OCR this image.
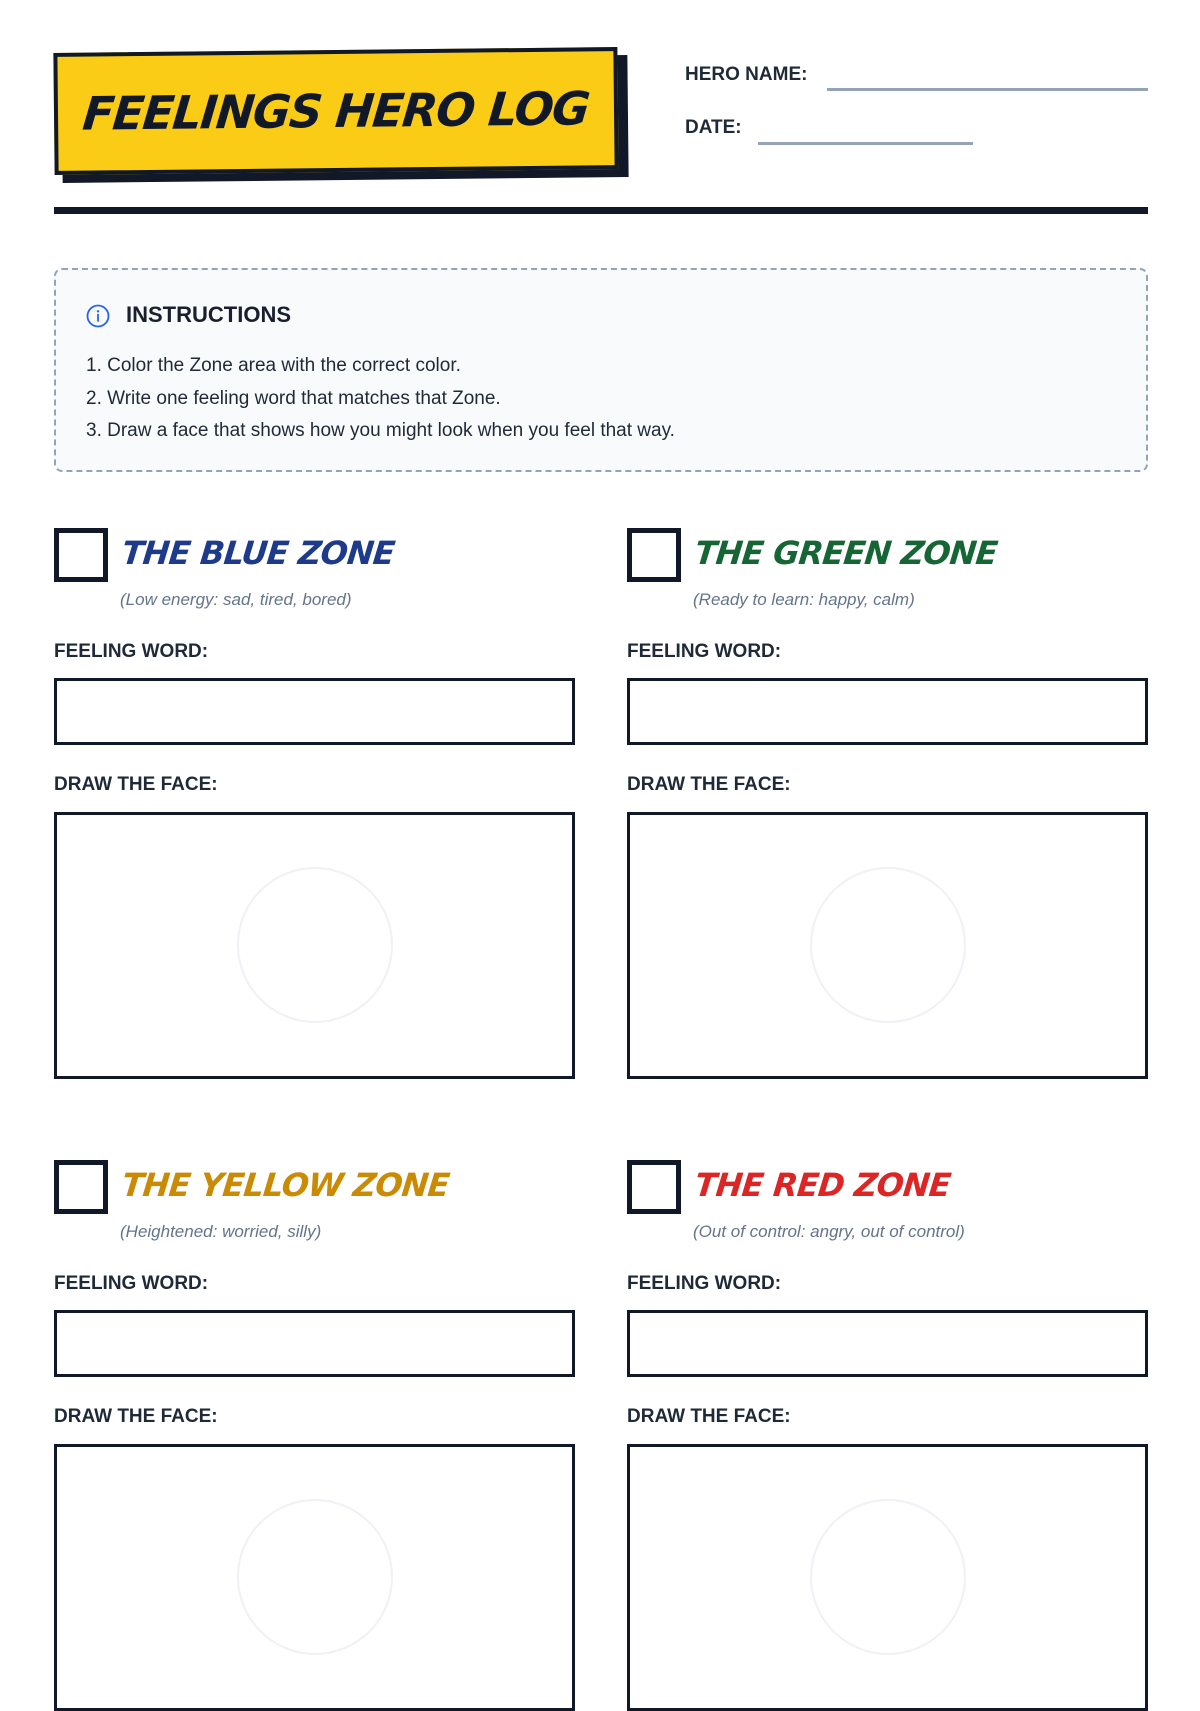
FEELINGS HERO LOG
HERO NAME:
DATE:
INSTRUCTIONS
1. Color the Zone area with the correct color.
2. Write one feeling word that matches that Zone.
3. Draw a face that shows how you might look when you feel that way.
THE BLUE ZONE
(Low energy: sad, tired, bored)
FEELING WORD:
DRAW THE FACE:
THE GREEN ZONE
(Ready to learn: happy, calm)
FEELING WORD:
DRAW THE FACE:
THE YELLOW ZONE
(Heightened: worried, silly)
FEELING WORD:
DRAW THE FACE:
THE RED ZONE
(Out of control: angry, out of control)
FEELING WORD:
DRAW THE FACE:
